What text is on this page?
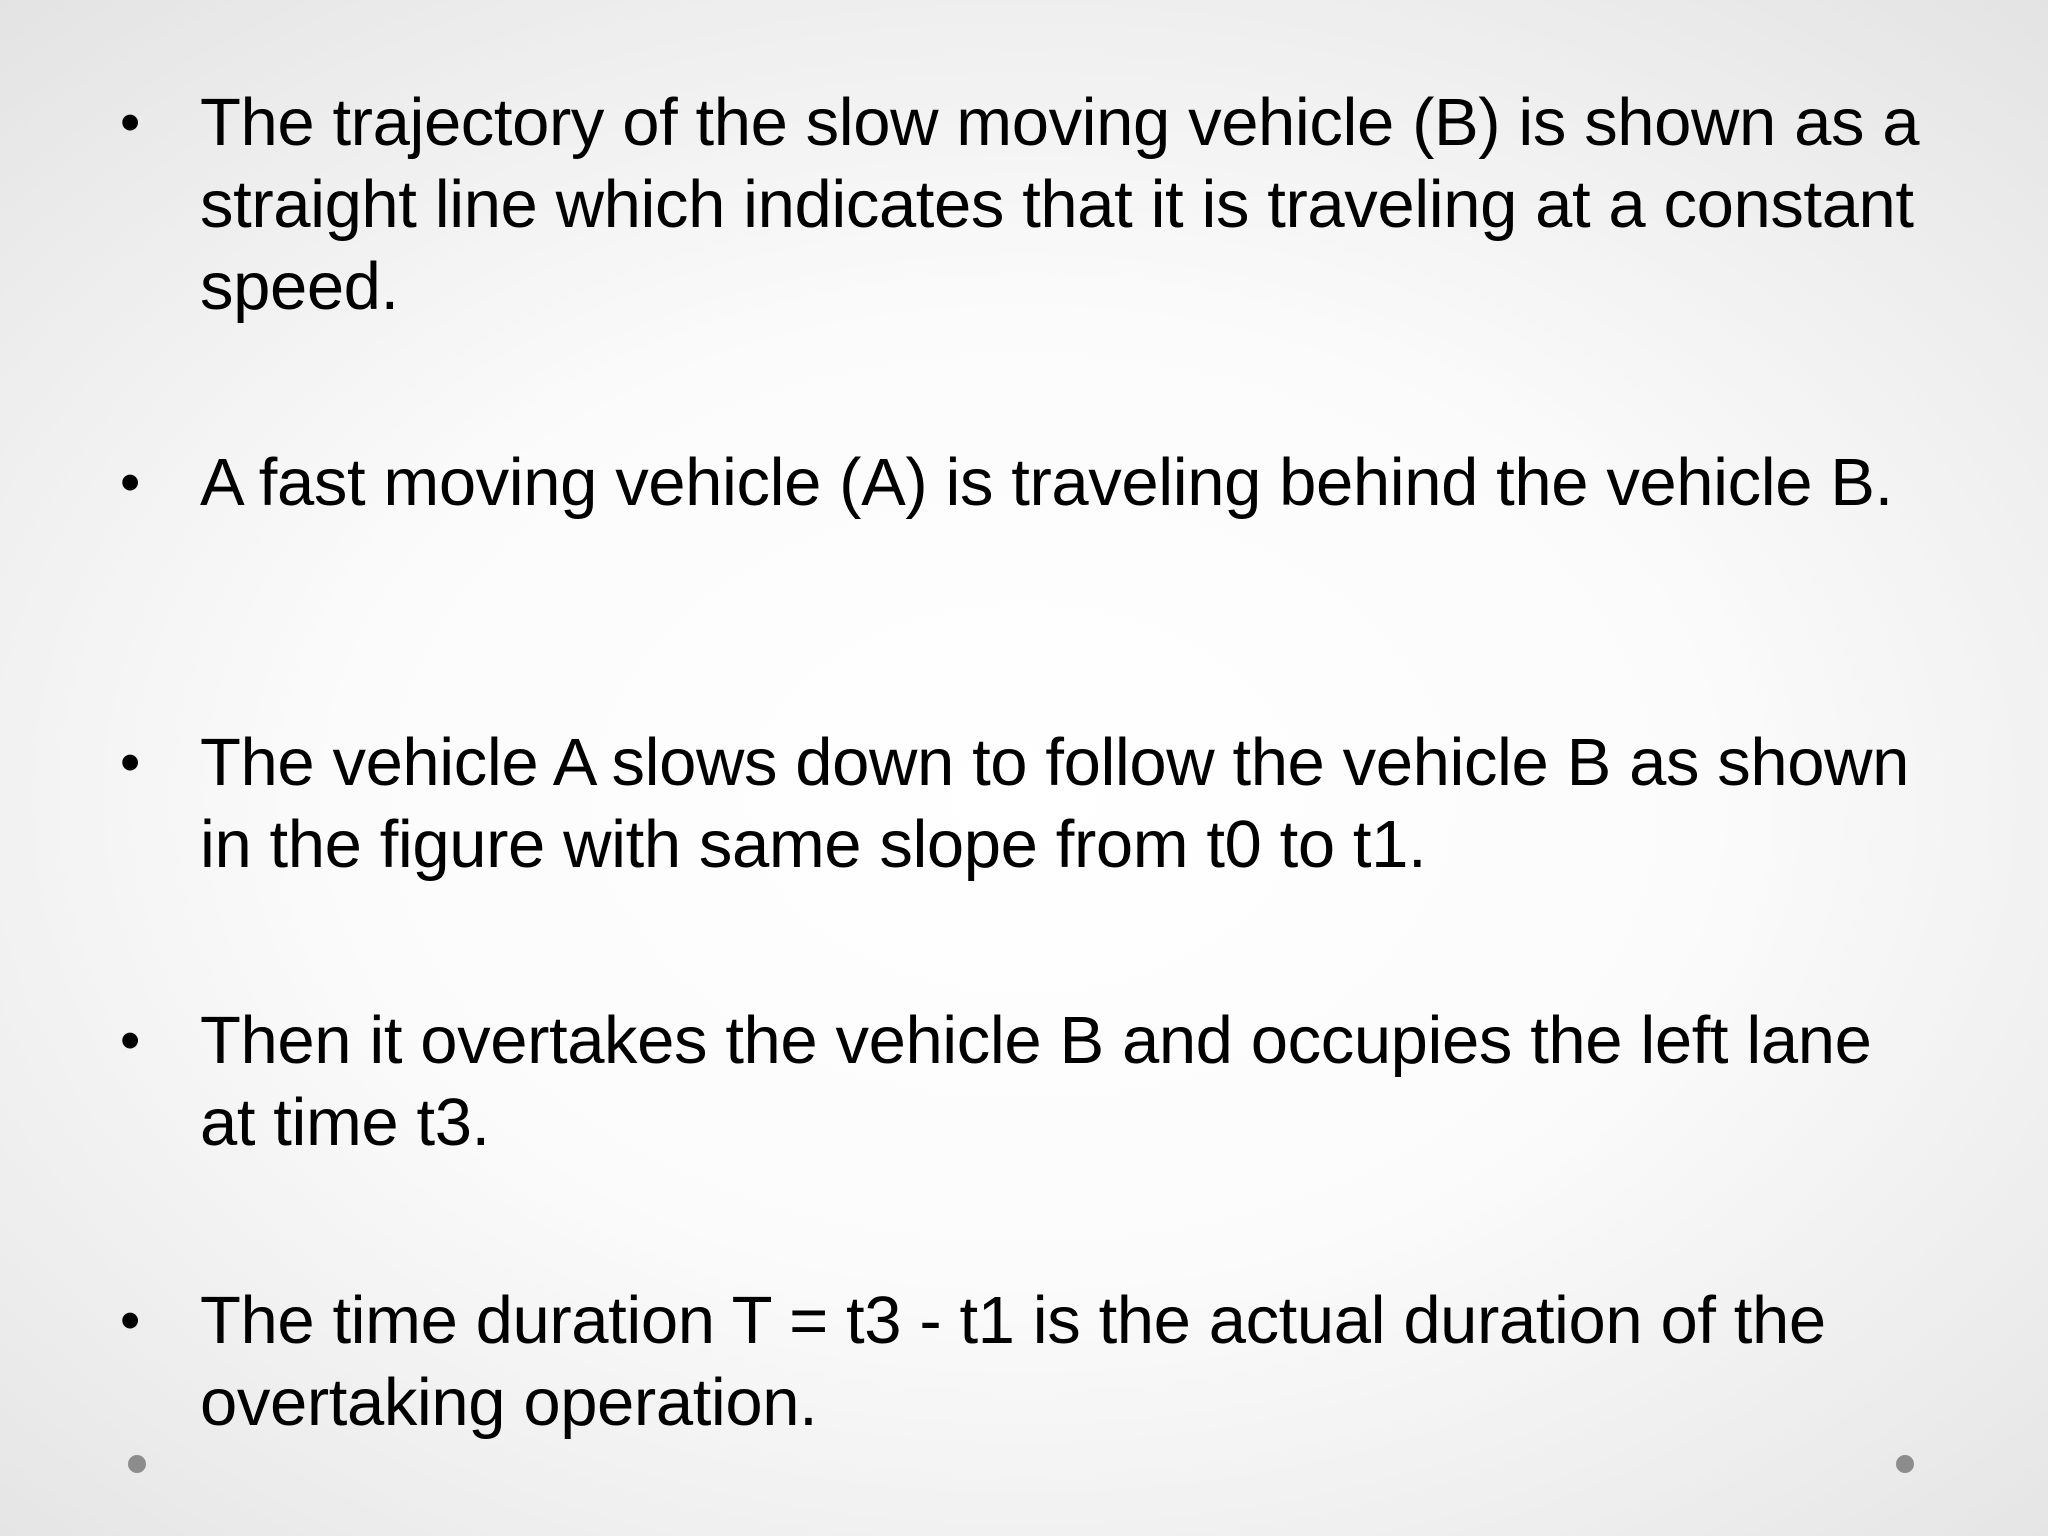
• The trajectory of the slow moving vehicle (B) is shown as a straight line which indicates that it is traveling at a constant speed.
• A fast moving vehicle (A) is traveling behind the vehicle B.
• The vehicle A slows down to follow the vehicle B as shown in the figure with same slope from t0 to t1.
• Then it overtakes the vehicle B and occupies the left lane at time t3.
• The time duration T = t3 - t1 is the actual duration of the overtaking operation.
